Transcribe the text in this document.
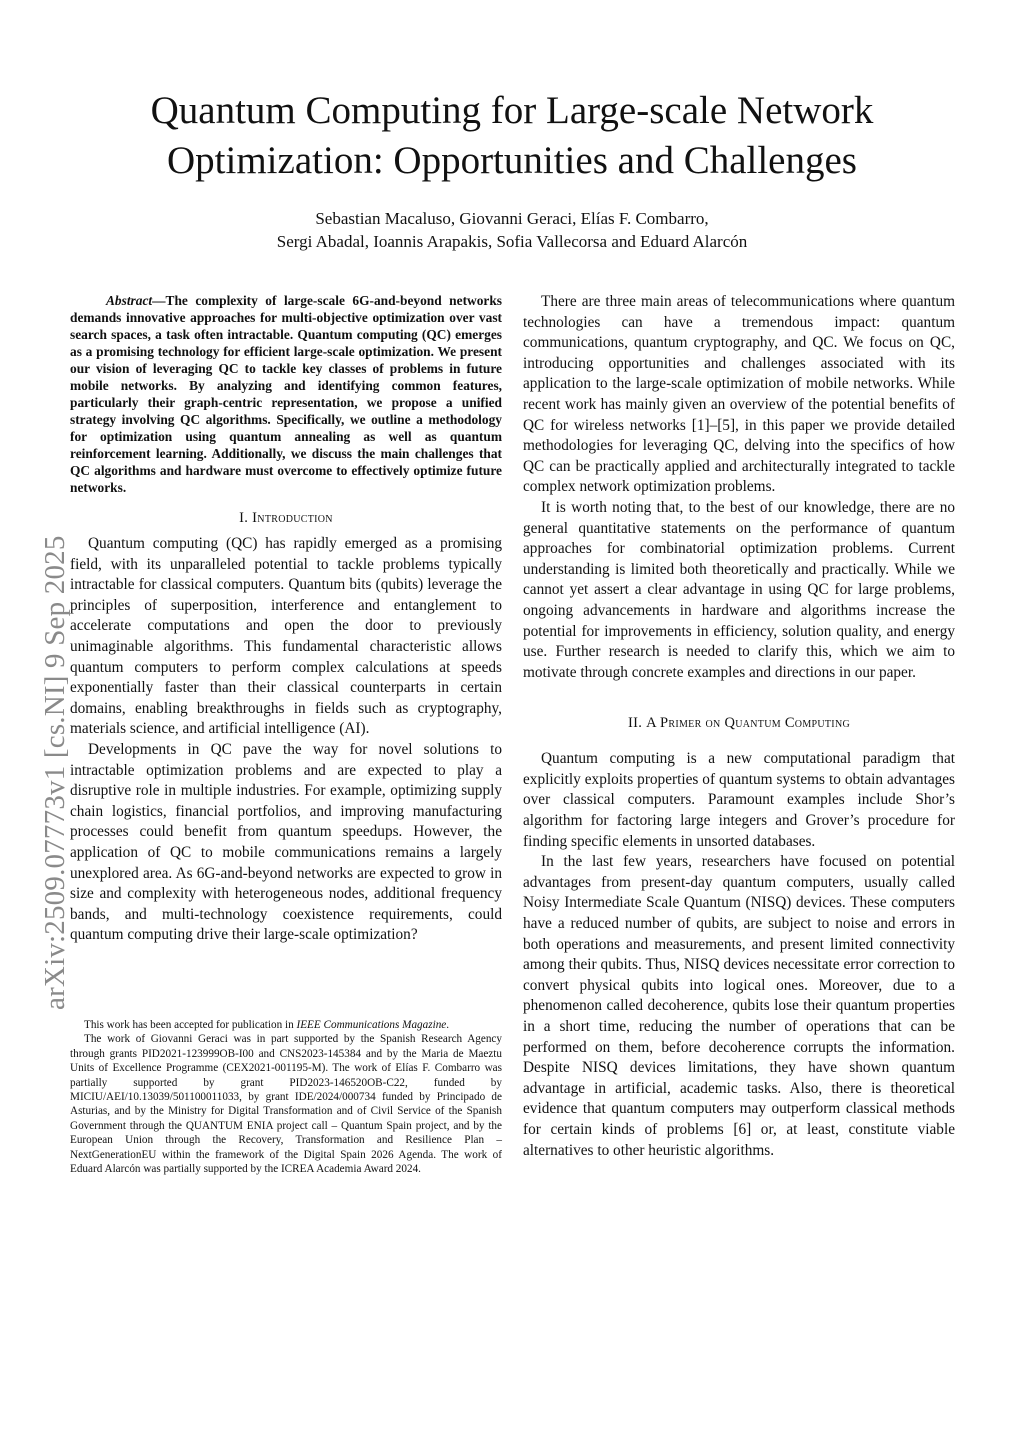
Quantum Computing for Large-scale Network
Optimization: Opportunities and Challenges
Sebastian Macaluso, Giovanni Geraci, Elías F. Combarro,
Sergi Abadal, Ioannis Arapakis, Sofia Vallecorsa and Eduard Alarcón
arXiv:2509.07773v1 [cs.NI] 9 Sep 2025

Abstract—The complexity of large-scale 6G-and-beyond networks demands innovative approaches for multi-objective optimization over vast search spaces, a task often intractable. Quantum computing (QC) emerges as a promising technology for efficient large-scale optimization. We present our vision of leveraging QC to tackle key classes of problems in future mobile networks. By analyzing and identifying common features, particularly their graph-centric representation, we propose a unified strategy involving QC algorithms. Specifically, we outline a methodology for optimization using quantum annealing as well as quantum reinforcement learning. Additionally, we discuss the main challenges that QC algorithms and hardware must overcome to effectively optimize future networks.

I. Introduction

Quantum computing (QC) has rapidly emerged as a promising field, with its unparalleled potential to tackle problems typically intractable for classical computers. Quantum bits (qubits) leverage the principles of superposition, interference and entanglement to accelerate computations and open the door to previously unimaginable algorithms. This fundamental characteristic allows quantum computers to perform complex calculations at speeds exponentially faster than their classical counterparts in certain domains, enabling breakthroughs in fields such as cryptography, materials science, and artificial intelligence (AI).

Developments in QC pave the way for novel solutions to intractable optimization problems and are expected to play a disruptive role in multiple industries. For example, optimizing supply chain logistics, financial portfolios, and improving manufacturing processes could benefit from quantum speedups. However, the application of QC to mobile communications remains a largely unexplored area. As 6G-and-beyond networks are expected to grow in size and complexity with heterogeneous nodes, additional frequency bands, and multi-technology coexistence requirements, could quantum computing drive their large-scale optimization?

This work has been accepted for publication in IEEE Communications Magazine.

The work of Giovanni Geraci was in part supported by the Spanish Research Agency through grants PID2021-123999OB-I00 and CNS2023-145384 and by the Maria de Maeztu Units of Excellence Programme (CEX2021-001195-M). The work of Elías F. Combarro was partially supported by grant PID2023-146520OB-C22, funded by MICIU/AEI/10.13039/501100011033, by grant IDE/2024/000734 funded by Principado de Asturias, and by the Ministry for Digital Transformation and of Civil Service of the Spanish Government through the QUANTUM ENIA project call – Quantum Spain project, and by the European Union through the Recovery, Transformation and Resilience Plan – NextGenerationEU within the framework of the Digital Spain 2026 Agenda. The work of Eduard Alarcón was partially supported by the ICREA Academia Award 2024.

There are three main areas of telecommunications where quantum technologies can have a tremendous impact: quantum communications, quantum cryptography, and QC. We focus on QC, introducing opportunities and challenges associated with its application to the large-scale optimization of mobile networks. While recent work has mainly given an overview of the potential benefits of QC for wireless networks [1]–[5], in this paper we provide detailed methodologies for leveraging QC, delving into the specifics of how QC can be practically applied and architecturally integrated to tackle complex network optimization problems.

It is worth noting that, to the best of our knowledge, there are no general quantitative statements on the performance of quantum approaches for combinatorial optimization problems. Current understanding is limited both theoretically and practically. While we cannot yet assert a clear advantage in using QC for large problems, ongoing advancements in hardware and algorithms increase the potential for improvements in efficiency, solution quality, and energy use. Further research is needed to clarify this, which we aim to motivate through concrete examples and directions in our paper.

II. A Primer on Quantum Computing

Quantum computing is a new computational paradigm that explicitly exploits properties of quantum systems to obtain advantages over classical computers. Paramount examples include Shor’s algorithm for factoring large integers and Grover’s procedure for finding specific elements in unsorted databases.

In the last few years, researchers have focused on potential advantages from present-day quantum computers, usually called Noisy Intermediate Scale Quantum (NISQ) devices. These computers have a reduced number of qubits, are subject to noise and errors in both operations and measurements, and present limited connectivity among their qubits. Thus, NISQ devices necessitate error correction to convert physical qubits into logical ones. Moreover, due to a phenomenon called decoherence, qubits lose their quantum properties in a short time, reducing the number of operations that can be performed on them, before decoherence corrupts the information. Despite NISQ devices limitations, they have shown quantum advantage in artificial, academic tasks. Also, there is theoretical evidence that quantum computers may outperform classical methods for certain kinds of problems [6] or, at least, constitute viable alternatives to other heuristic algorithms.
